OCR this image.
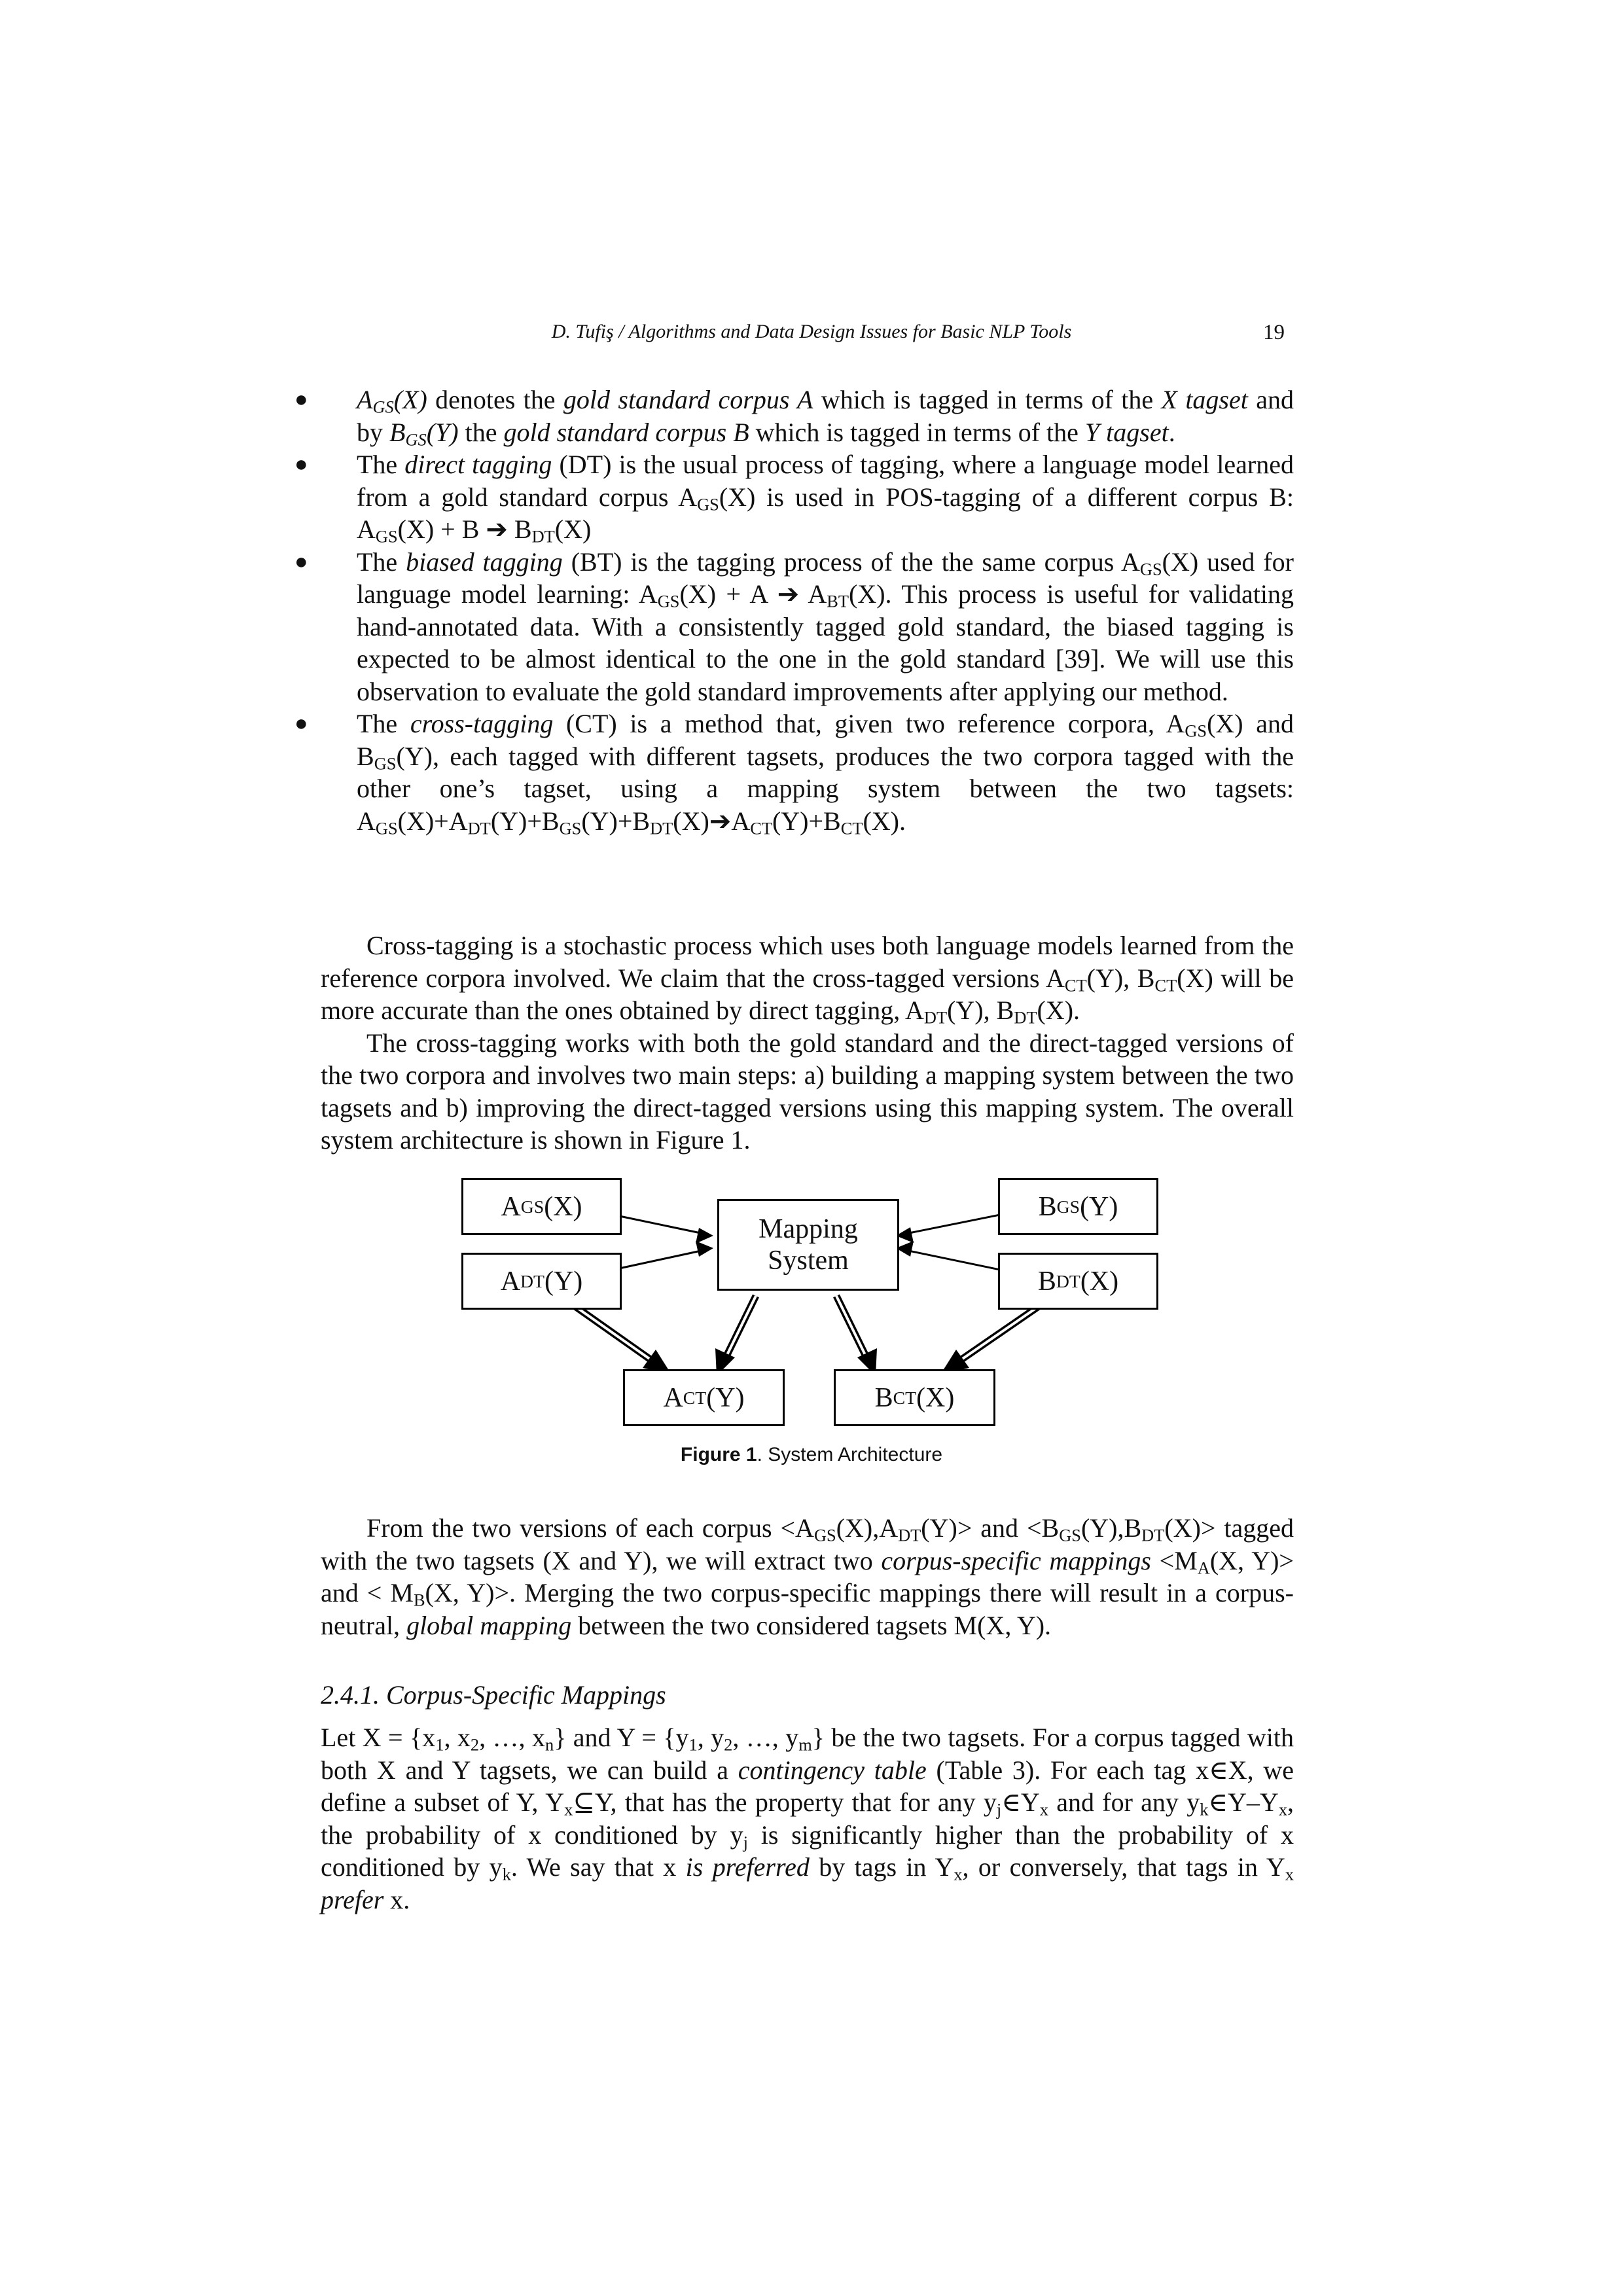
D. Tufiş / Algorithms and Data Design Issues for Basic NLP Tools	19
● $A_{GS}(X)$ denotes the gold standard corpus A which is tagged in terms of the X tagset and by $B_{GS}(Y)$ the gold standard corpus B which is tagged in terms of the Y tagset.
● The direct tagging (DT) is the usual process of tagging, where a language model learned from a gold standard corpus $A_{GS}(X)$ is used in POS-tagging of a different corpus B: $A_{GS}(X) + B$ ➔ $B_{DT}(X)$
● The biased tagging (BT) is the tagging process of the the same corpus $A_{GS}(X)$ used for language model learning: $A_{GS}(X) + A$ ➔ $A_{BT}(X)$. This process is useful for validating hand-annotated data. With a consistently tagged gold standard, the biased tagging is expected to be almost identical to the one in the gold standard [39]. We will use this observation to evaluate the gold standard improvements after applying our method.
● The cross-tagging (CT) is a method that, given two reference corpora, $A_{GS}(X)$ and $B_{GS}(Y)$, each tagged with different tagsets, produces the two corpora tagged with the other one’s tagset, using a mapping system between the two tagsets: $A_{GS}(X)+A_{DT}(Y)+B_{GS}(Y)+B_{DT}(X)➔A_{CT}(Y)+B_{CT}(X)$.
Cross-tagging is a stochastic process which uses both language models learned from the reference corpora involved. We claim that the cross-tagged versions $A_{CT}(Y)$, $B_{CT}(X)$ will be more accurate than the ones obtained by direct tagging, $A_{DT}(Y)$, $B_{DT}(X)$.
The cross-tagging works with both the gold standard and the direct-tagged versions of the two corpora and involves two main steps: a) building a mapping system between the two tagsets and b) improving the direct-tagged versions using this mapping system. The overall system architecture is shown in Figure 1.
A GS (X)
A DT (Y)
Mapping
System
B GS (Y)
B DT (X)
A CT (Y)	B CT (X)
Figure 1. System Architecture
From the two versions of each corpus $<A_{GS}(X),A_{DT}(Y)>$ and $<B_{GS}(Y),B_{DT}(X)>$ tagged with the two tagsets (X and Y), we will extract two corpus-specific mappings $<M_A(X$, Y)> and < $M_B(X$, Y)>. Merging the two corpus-specific mappings there will result in a corpus-neutral, global mapping between the two considered tagsets M(X, Y).
2.4.1. Corpus-Specific Mappings
Let $X = \{x_1$, $x_2$, …, $x_n$} and $Y = \{y_1$, $y_2$, …, $y_m$} be the two tagsets. For a corpus tagged with both X and Y tagsets, we can build a contingency table (Table 3). For each tag x∈X, we define a subset of Y, $Y_x⊆Y$, that has the property that for any $y_j\in Y_x$ and for any $y_k\in Y-Y_x$, the probability of x conditioned by $y_j$ is significantly higher than the probability of x conditioned by $y_k$. We say that x is preferred by tags in $Y_x$, or conversely, that tags in $Y_x$ prefer x.
